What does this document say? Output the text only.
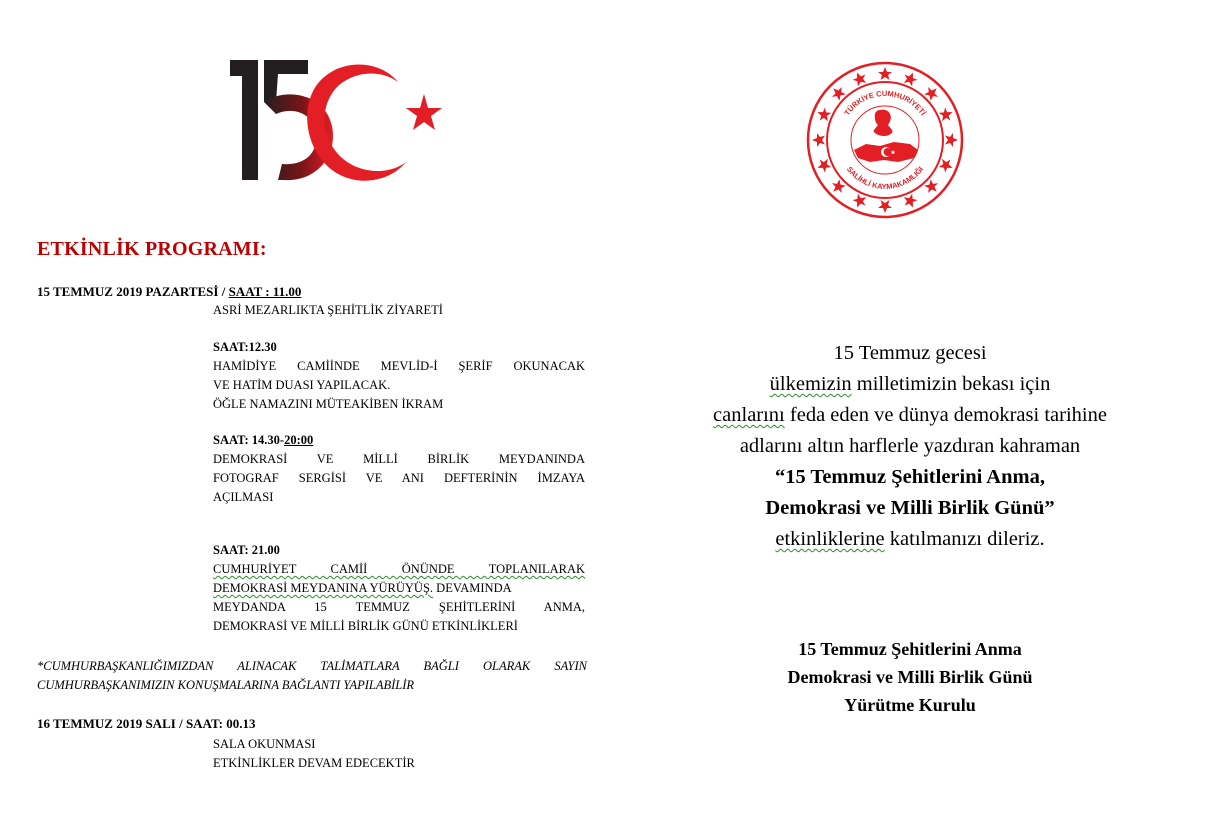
TEMMUZ
TÜRKİYE CUMHURİYETİ
SALİHLİ KAYMAKAMLIĞI
ETKİNLİK PROGRAMI:
15 TEMMUZ 2019 PAZARTESİ / SAAT : 11.00
ASRİ MEZARLIKTA ŞEHİTLİK ZİYARETİ
SAAT:12.30
HAMİDİYE CAMİİNDE MEVLİD-İ ŞERİF OKUNACAK
VE HATİM DUASI YAPILACAK.
ÖĞLE NAMAZINI MÜTEAKİBEN İKRAM
SAAT: 14.30-20:00
DEMOKRASİ VE MİLLİ BİRLİK MEYDANINDA
FOTOGRAF SERGİSİ VE ANI DEFTERİNİN İMZAYA
AÇILMASI
SAAT: 21.00
CUMHURİYET CAMİİ ÖNÜNDE TOPLANILARAK
DEMOKRASİ MEYDANINA YÜRÜYÜŞ. DEVAMINDA
MEYDANDA 15 TEMMUZ ŞEHİTLERİNİ ANMA,
DEMOKRASİ VE MİLLİ BİRLİK GÜNÜ ETKİNLİKLERİ
*CUMHURBAŞKANLIĞIMIZDAN ALINACAK TALİMATLARA BAĞLI OLARAK SAYIN
CUMHURBAŞKANIMIZIN KONUŞMALARINA BAĞLANTI YAPILABİLİR
16 TEMMUZ 2019 SALI / SAAT: 00.13
SALA OKUNMASI
ETKİNLİKLER DEVAM EDECEKTİR
15 Temmuz gecesi
ülkemizin milletimizin bekası için
canlarını feda eden ve dünya demokrasi tarihine
adlarını altın harflerle yazdıran kahraman
“15 Temmuz Şehitlerini Anma,
Demokrasi ve Milli Birlik Günü”
etkinliklerine katılmanızı dileriz.
15 Temmuz Şehitlerini Anma
Demokrasi ve Milli Birlik Günü
Yürütme Kurulu
